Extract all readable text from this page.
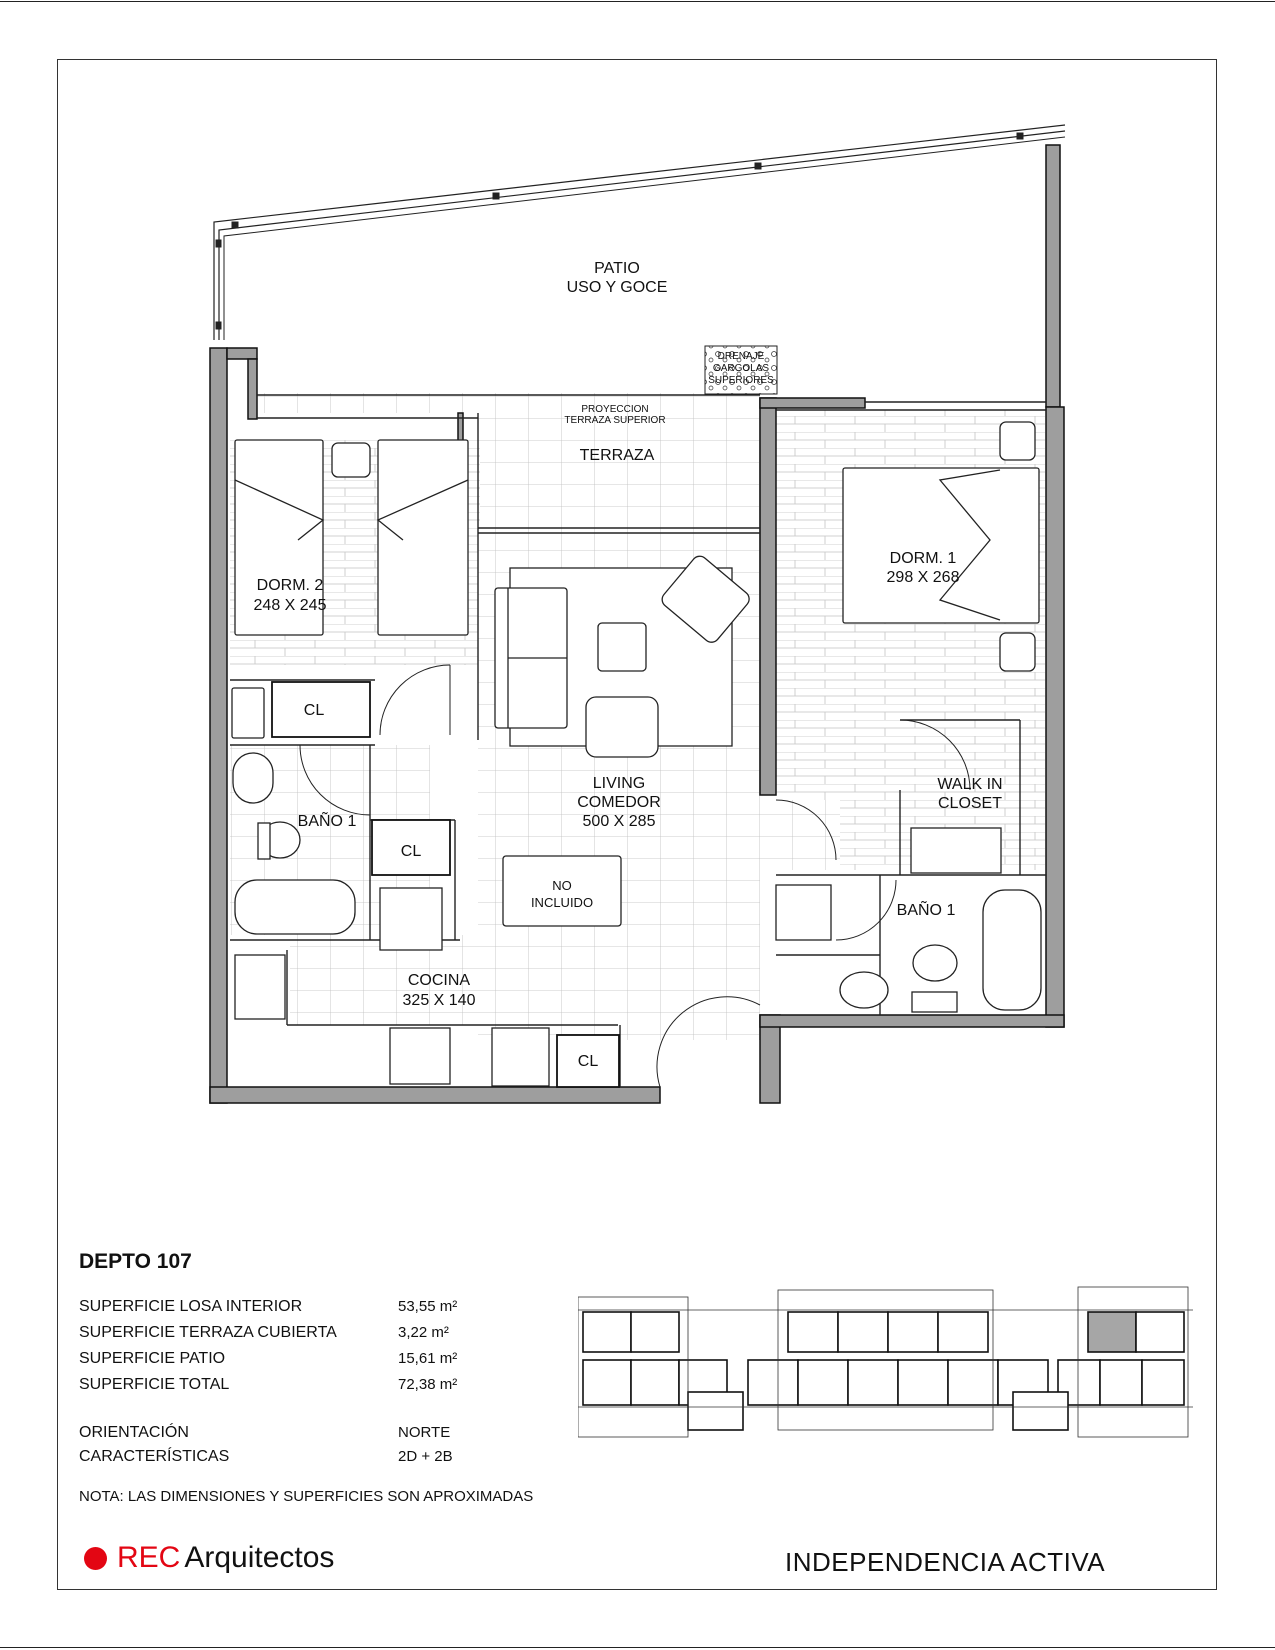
PATIO
USO Y GOCE
DRENAJE
GARGOLAS
SUPERIORES
PROYECCION
TERRAZA SUPERIOR
TERRAZA
DORM. 2
248 X 245
DORM. 1
298 X 268
CL
CL
CL
LIVING
COMEDOR
500 X 285
WALK IN
CLOSET
BAÑO 1
BAÑO 1
NO
INCLUIDO
COCINA
325 X 140
DEPTO 107
SUPERFICIE LOSA INTERIOR	53,55 m²
SUPERFICIE TERRAZA CUBIERTA	3,22 m²
SUPERFICIE PATIO	15,61 m²
SUPERFICIE TOTAL	72,38 m²
ORIENTACIÓN	NORTE
CARACTERÍSTICAS	2D + 2B
NOTA: LAS DIMENSIONES Y SUPERFICIES SON APROXIMADAS
REC Arquitectos	INDEPENDENCIA ACTIVA
